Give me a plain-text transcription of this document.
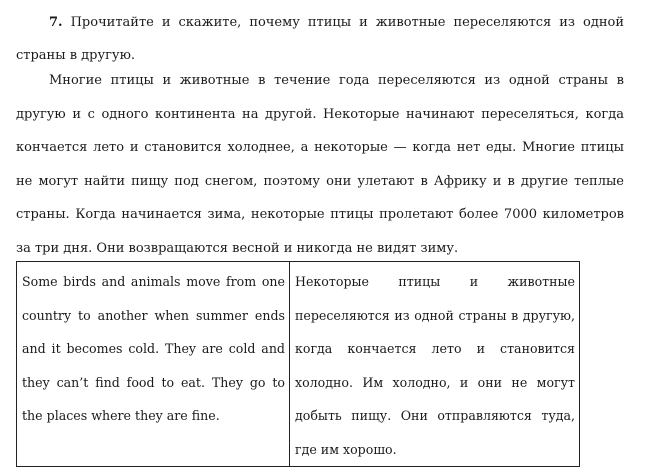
7. Прочитайте и скажите, почему птицы и животные переселяются из одной страны в другую.

Многие птицы и животные в течение года переселяются из одной страны в другую и с одного континента на другой. Некоторые начинают переселяться, когда кончается лето и становится холоднее, а некоторые — когда нет еды. Многие птицы не могут найти пищу под снегом, поэтому они улетают в Африку и в другие теплые страны. Когда начинается зима, некоторые птицы пролетают более 7000 километров за три дня. Они возвращаются весной и никогда не видят зиму.

Some birds and animals move from one country to another when summer ends and it becomes cold. They are cold and they can’t find food to eat. They go to the places where they are fine.	Некоторые птицы и животные переселяются из одной страны в другую, когда кончается лето и становится холодно. Им холодно, и они не могут добыть пищу. Они отправляются туда, где им хорошо.
